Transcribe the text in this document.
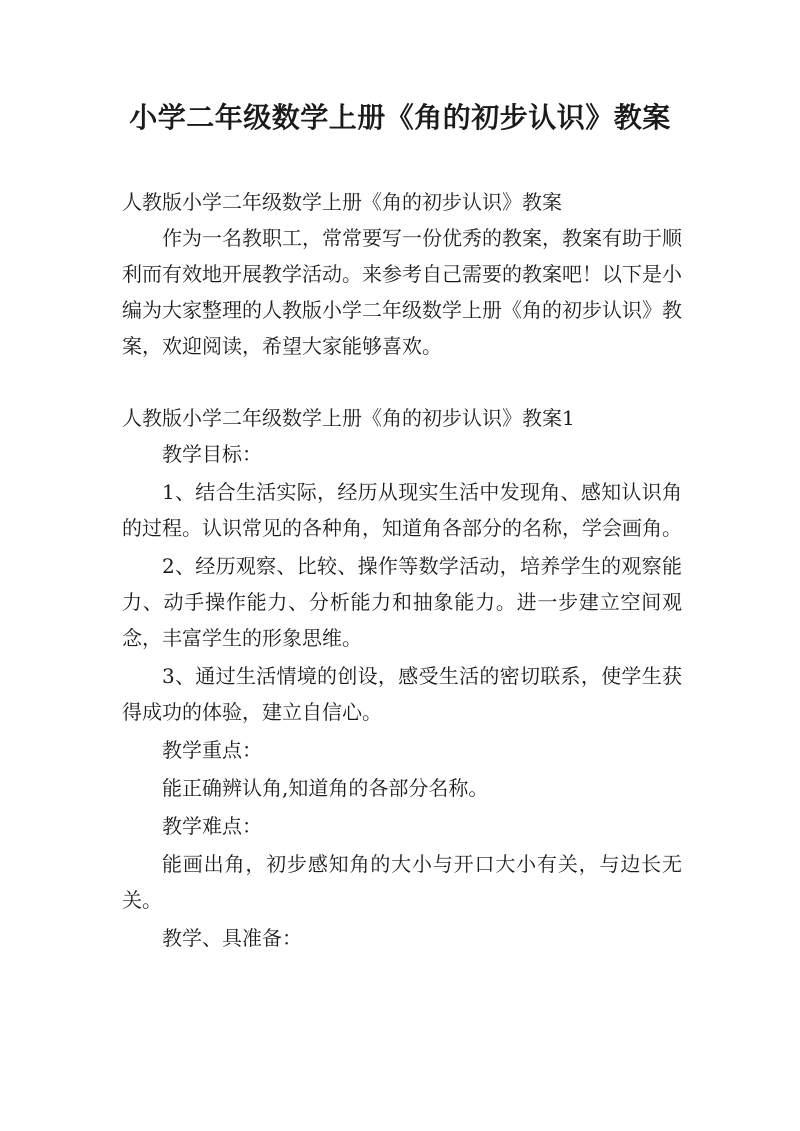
小学二年级数学上册《角的初步认识》教案

人教版小学二年级数学上册《角的初步认识》教案

作为一名教职工，常常要写一份优秀的教案，教案有助于顺利而有效地开展教学活动。来参考自己需要的教案吧！以下是小编为大家整理的人教版小学二年级数学上册《角的初步认识》教案，欢迎阅读，希望大家能够喜欢。

人教版小学二年级数学上册《角的初步认识》教案1

教学目标：

1、结合生活实际，经历从现实生活中发现角、感知认识角的过程。认识常见的各种角，知道角各部分的名称，学会画角。

2、经历观察、比较、操作等数学活动，培养学生的观察能力、动手操作能力、分析能力和抽象能力。进一步建立空间观念，丰富学生的形象思维。

3、通过生活情境的创设，感受生活的密切联系，使学生获得成功的体验，建立自信心。

教学重点：

能正确辨认角,知道角的各部分名称。

教学难点：

能画出角，初步感知角的大小与开口大小有关，与边长无关。

教学、具准备：
